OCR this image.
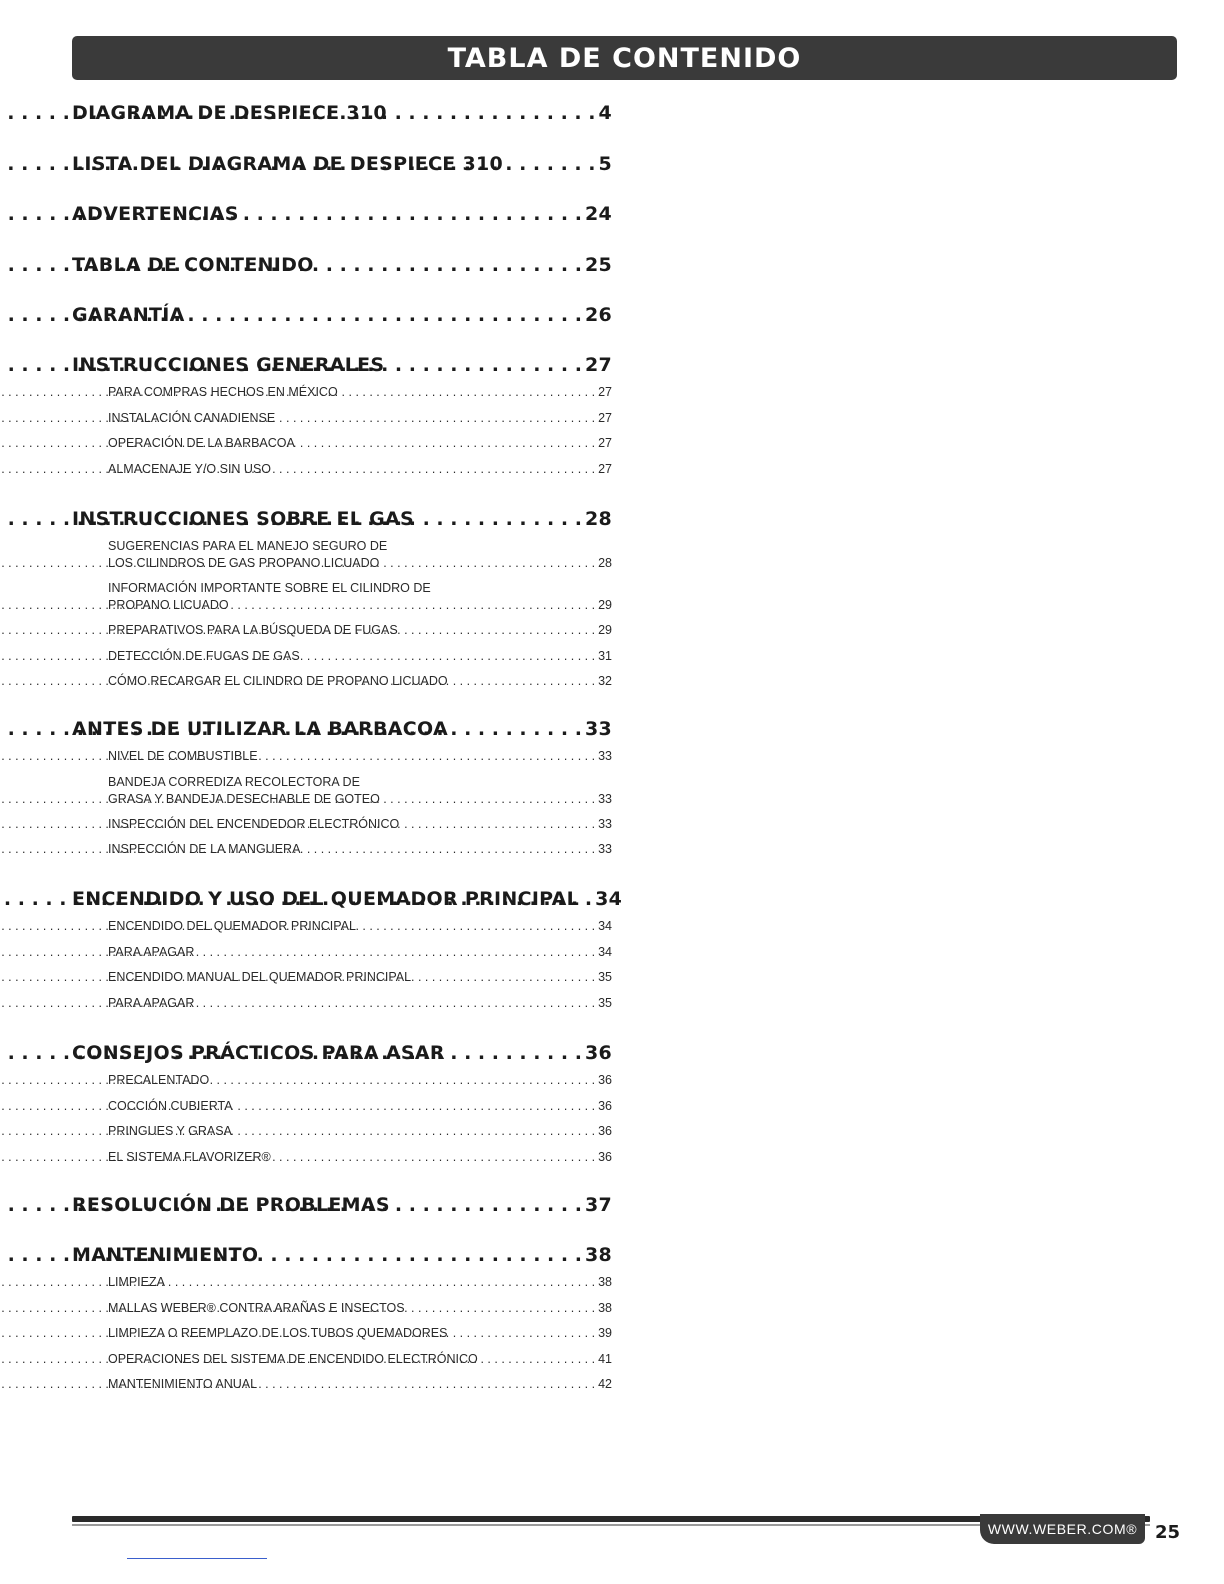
TABLA DE CONTENIDO
DIAGRAMA DE DESPIECE 310 . . .	4
LISTA DEL DIAGRAMA DE DESPIECE 310 . . .	5
ADVERTENCIAS . . .	24
TABLA DE CONTENIDO . . .	25
GARANTÍA . . .	26
INSTRUCCIONES GENERALES . . .	27
PARA COMPRAS HECHOS EN MÉXICO . . .	27
INSTALACIÓN CANADIENSE . . .	27
OPERACIÓN DE LA BARBACOA . . .	27
ALMACENAJE Y/O SIN USO . . .	27
INSTRUCCIONES SOBRE EL GAS . . .	28
SUGERENCIAS PARA EL MANEJO SEGURO DE
LOS CILINDROS DE GAS PROPANO LICUADO . . .	28
INFORMACIÓN IMPORTANTE SOBRE EL CILINDRO DE
PROPANO LICUADO . . .	29
PREPARATIVOS PARA LA BÚSQUEDA DE FUGAS . . .	29
DETECCIÓN DE FUGAS DE GAS . . .	31
CÓMO RECARGAR EL CILINDRO DE PROPANO LICUADO . . .	32
ANTES DE UTILIZAR LA BARBACOA . . .	33
NIVEL DE COMBUSTIBLE . . .	33
BANDEJA CORREDIZA RECOLECTORA DE
GRASA Y BANDEJA DESECHABLE DE GOTEO . . .	33
INSPECCIÓN DEL ENCENDEDOR ELECTRÓNICO . . .	33
INSPECCIÓN DE LA MANGUERA . . .	33
ENCENDIDO Y USO DEL QUEMADOR PRINCIPAL . . . 34
ENCENDIDO DEL QUEMADOR PRINCIPAL . . .	34
PARA APAGAR . . .	34
ENCENDIDO MANUAL DEL QUEMADOR PRINCIPAL . . .	35
PARA APAGAR . . .	35
CONSEJOS PRÁCTICOS PARA ASAR . . .	36
PRECALENTADO . . .	36
COCCIÓN CUBIERTA . . .	36
PRINGUES Y GRASA . . .	36
EL SISTEMA FLAVORIZER® . . .	36
RESOLUCIÓN DE PROBLEMAS . . .	37
MANTENIMIENTO . . .	38
LIMPIEZA . . .	38
MALLAS WEBER® CONTRA ARAÑAS E INSECTOS . . .	38
LIMPIEZA O REEMPLAZO DE LOS TUBOS QUEMADORES . . .	39
OPERACIONES DEL SISTEMA DE ENCENDIDO ELECTRÓNICO . . .	41
MANTENIMIENTO ANUAL . . .	42
WWW.WEBER.COM® 25
